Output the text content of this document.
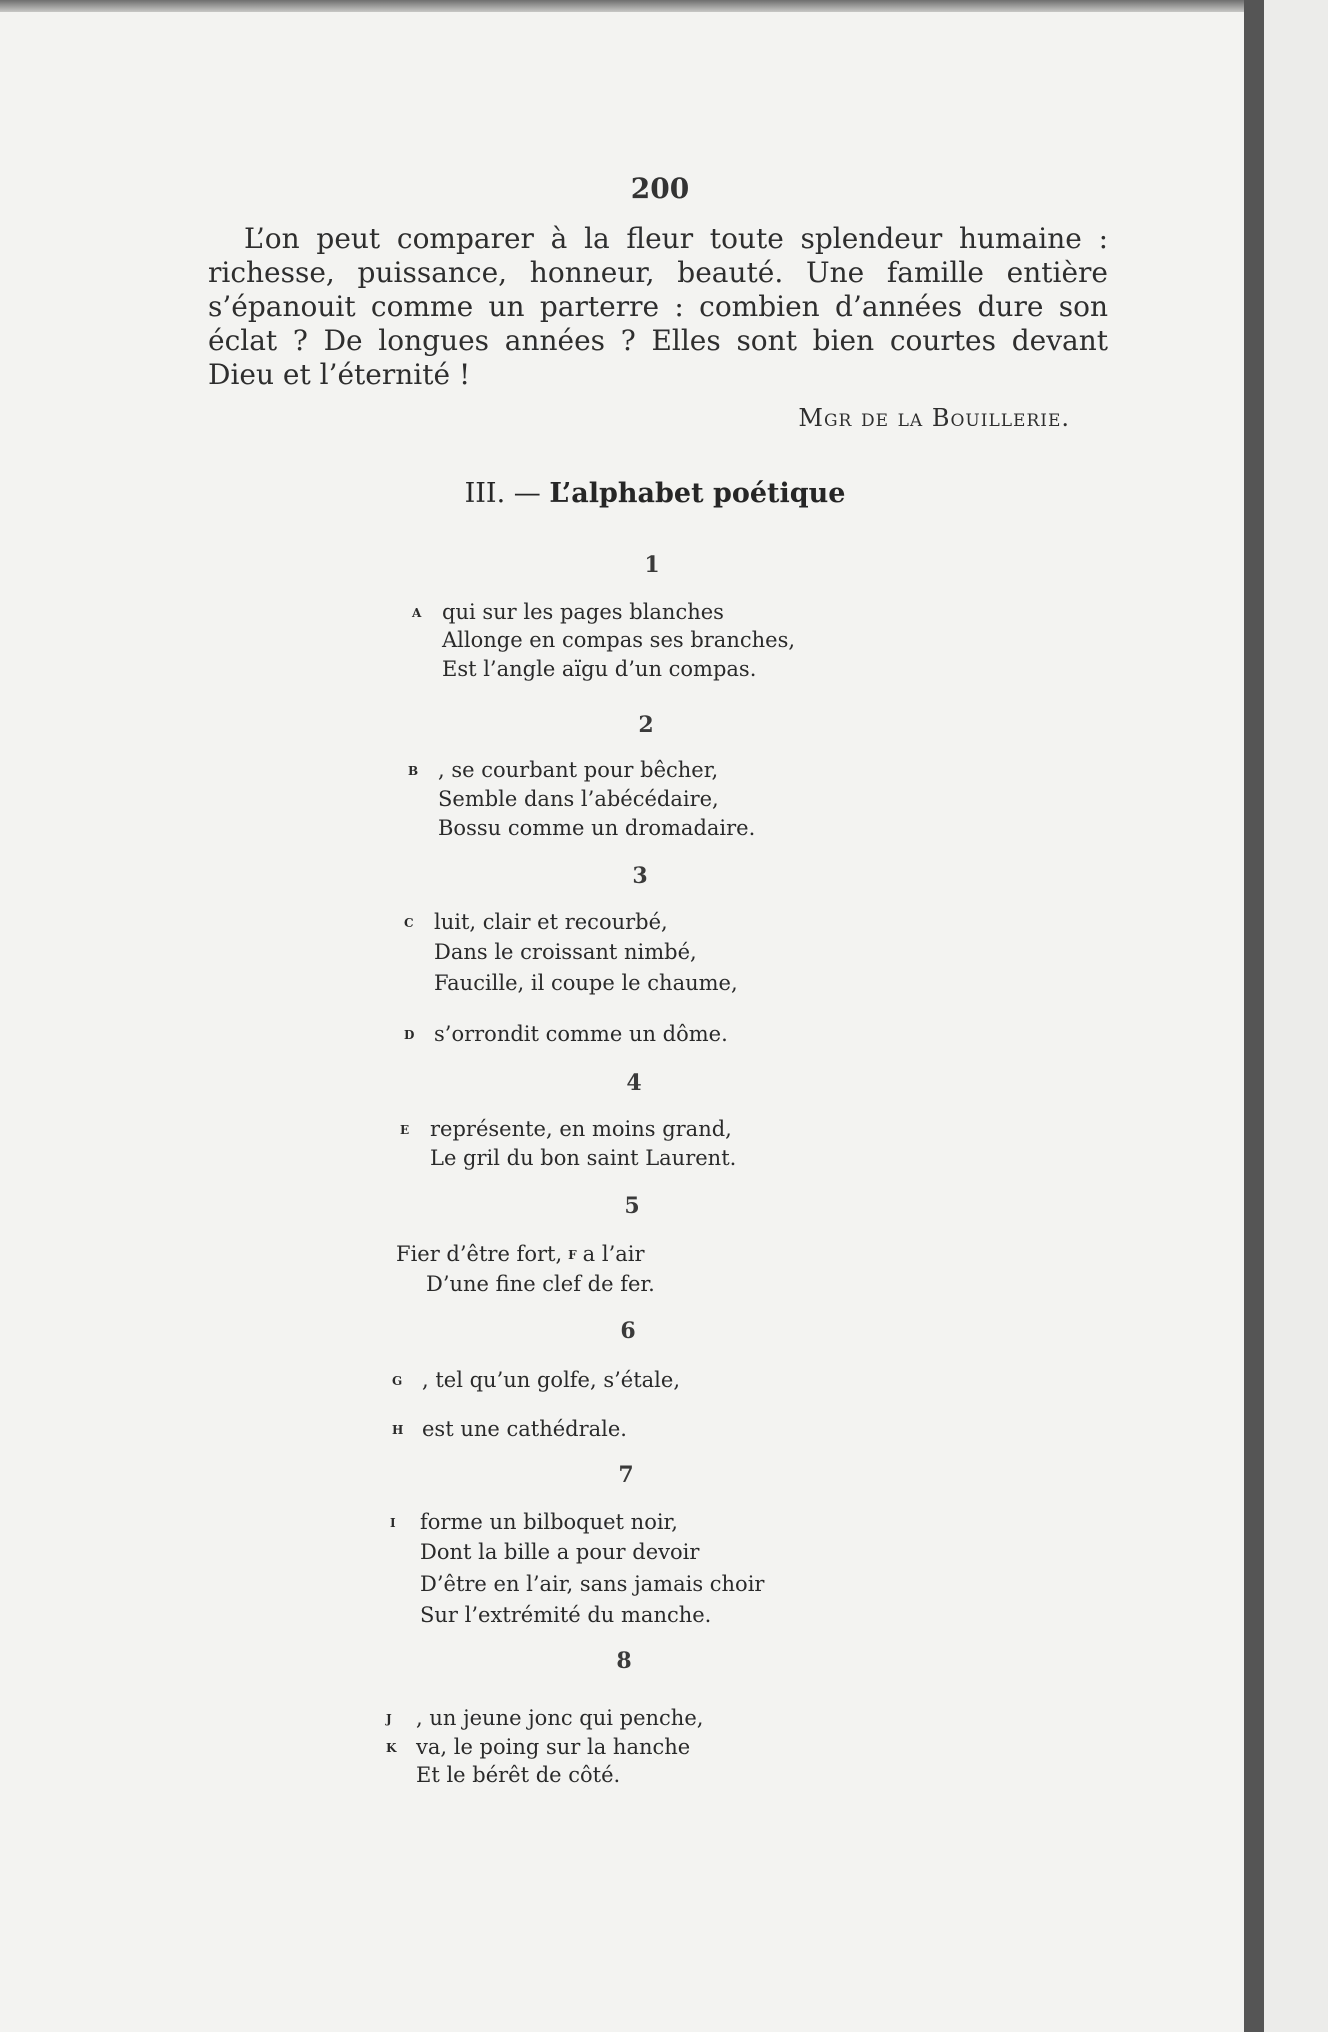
200

L’on peut comparer à la fleur toute splendeur humaine : richesse, puissance, honneur, beauté. Une famille entière s’épanouit comme un parterre : combien d’années dure son éclat ? De longues années ? Elles sont bien courtes devant Dieu et l’éternité !

Mgr de la Bouillerie.
III. — L’alphabet poétique
1
A qui sur les pages blanches
Allonge en compas ses branches,
Est l’angle aïgu d’un compas.
2
B , se courbant pour bêcher,
Semble dans l’abécédaire,
Bossu comme un dromadaire.
3
C luit, clair et recourbé,
Dans le croissant nimbé,
Faucille, il coupe le chaume,
D s’orrondit comme un dôme.
4
E représente, en moins grand,
Le gril du bon saint Laurent.
5
Fier d’être fort, F a l’air
D’une fine clef de fer.
6
G , tel qu’un golfe, s’étale,
H est une cathédrale.
7
I forme un bilboquet noir,
Dont la bille a pour devoir
D’être en l’air, sans jamais choir
Sur l’extrémité du manche.
8
J , un jeune jonc qui penche,
K va, le poing sur la hanche
Et le bérêt de côté.
